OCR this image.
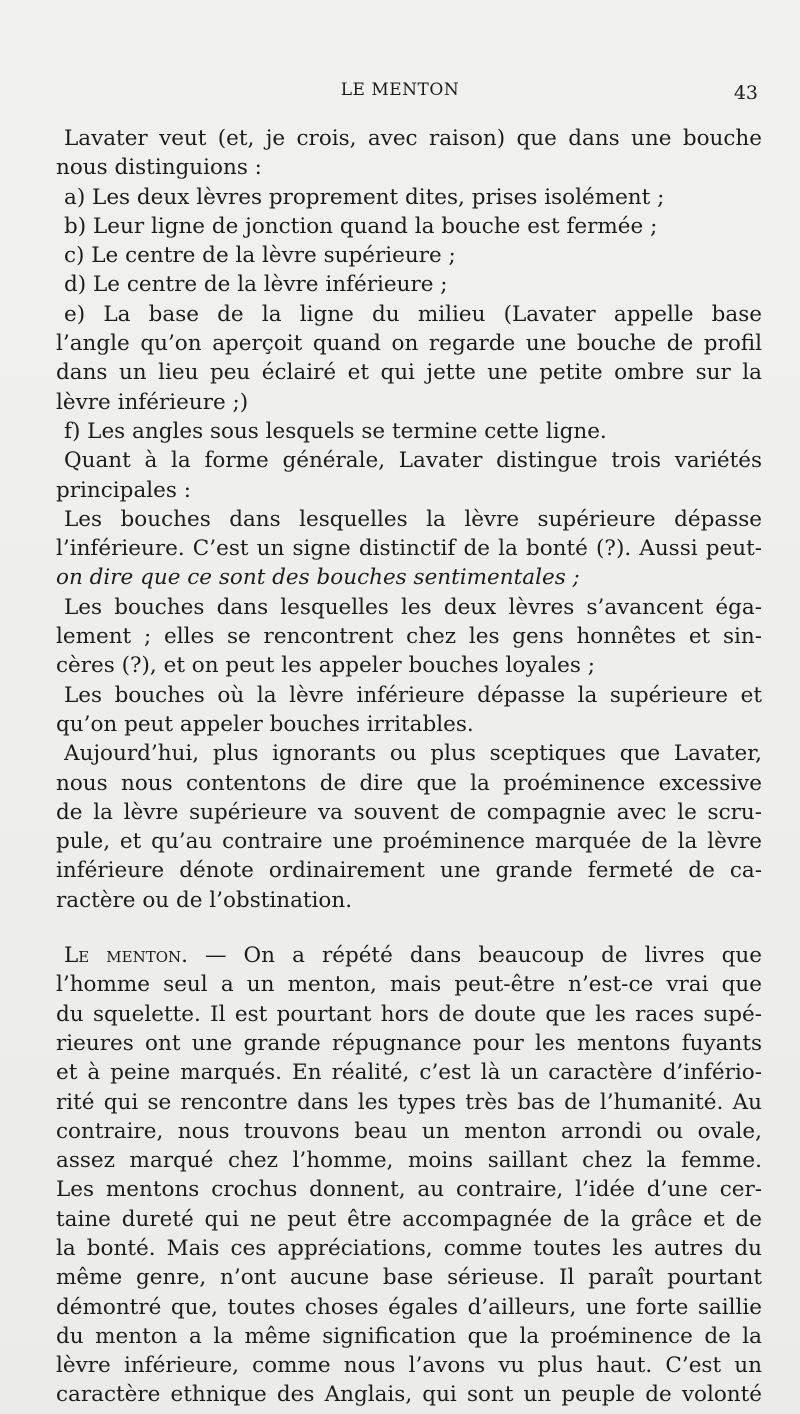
LE MENTON	43
Lavater veut (et, je crois, avec raison) que dans une bouche
nous distinguions :
a) Les deux lèvres proprement dites, prises isolément ;
b) Leur ligne de jonction quand la bouche est fermée ;
c) Le centre de la lèvre supérieure ;
d) Le centre de la lèvre inférieure ;
e) La base de la ligne du milieu (Lavater appelle base
l’angle qu’on aperçoit quand on regarde une bouche de profil
dans un lieu peu éclairé et qui jette une petite ombre sur la
lèvre inférieure ;)
f) Les angles sous lesquels se termine cette ligne.
Quant à la forme générale, Lavater distingue trois variétés
principales :
Les bouches dans lesquelles la lèvre supérieure dépasse
l’inférieure. C’est un signe distinctif de la bonté (?). Aussi peut-
on dire que ce sont des bouches sentimentales ;
Les bouches dans lesquelles les deux lèvres s’avancent éga-
lement ; elles se rencontrent chez les gens honnêtes et sin-
cères (?), et on peut les appeler bouches loyales ;
Les bouches où la lèvre inférieure dépasse la supérieure et
qu’on peut appeler bouches irritables.
Aujourd’hui, plus ignorants ou plus sceptiques que Lavater,
nous nous contentons de dire que la proéminence excessive
de la lèvre supérieure va souvent de compagnie avec le scru-
pule, et qu’au contraire une proéminence marquée de la lèvre
inférieure dénote ordinairement une grande fermeté de ca-
ractère ou de l’obstination.
Le menton. — On a répété dans beaucoup de livres que
l’homme seul a un menton, mais peut-être n’est-ce vrai que
du squelette. Il est pourtant hors de doute que les races supé-
rieures ont une grande répugnance pour les mentons fuyants
et à peine marqués. En réalité, c’est là un caractère d’infério-
rité qui se rencontre dans les types très bas de l’humanité. Au
contraire, nous trouvons beau un menton arrondi ou ovale,
assez marqué chez l’homme, moins saillant chez la femme.
Les mentons crochus donnent, au contraire, l’idée d’une cer-
taine dureté qui ne peut être accompagnée de la grâce et de
la bonté. Mais ces appréciations, comme toutes les autres du
même genre, n’ont aucune base sérieuse. Il paraît pourtant
démontré que, toutes choses égales d’ailleurs, une forte saillie
du menton a la même signification que la proéminence de la
lèvre inférieure, comme nous l’avons vu plus haut. C’est un
caractère ethnique des Anglais, qui sont un peuple de volonté
